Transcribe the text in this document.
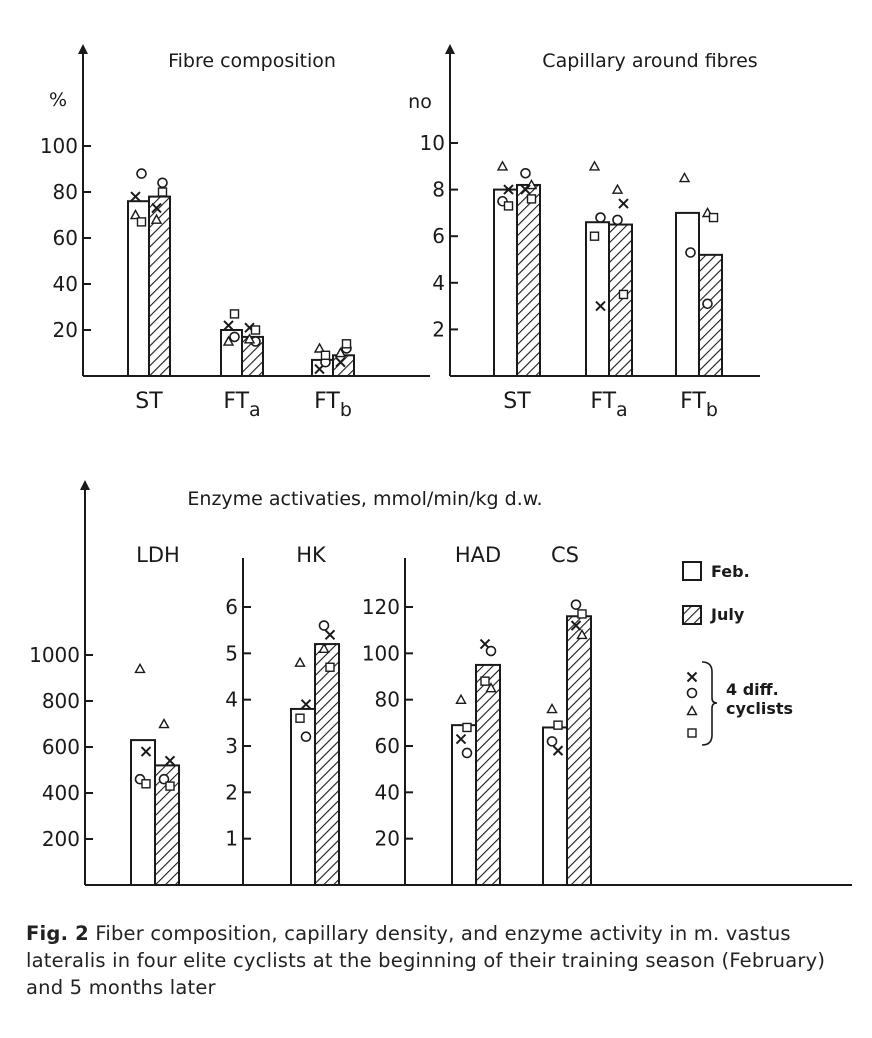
20
40
60
80
100
Fibre composition
%
ST	FTa FTb
2
4
6
8
10
Capillary around fibres
no
ST	FTa FTb
Enzyme activaties, mmol/min/kg d.w.
200
400
600
800
1000
LDH
1
2
3
4
5
6
HK
20
40
60
80
100
120
HAD CS
Feb.
July
4 diff.
cyclists
Fig. 2 Fiber composition, capillary density, and enzyme activity in m. vastus lateralis in four elite cyclists at the beginning of their training season (February) and 5 months later
